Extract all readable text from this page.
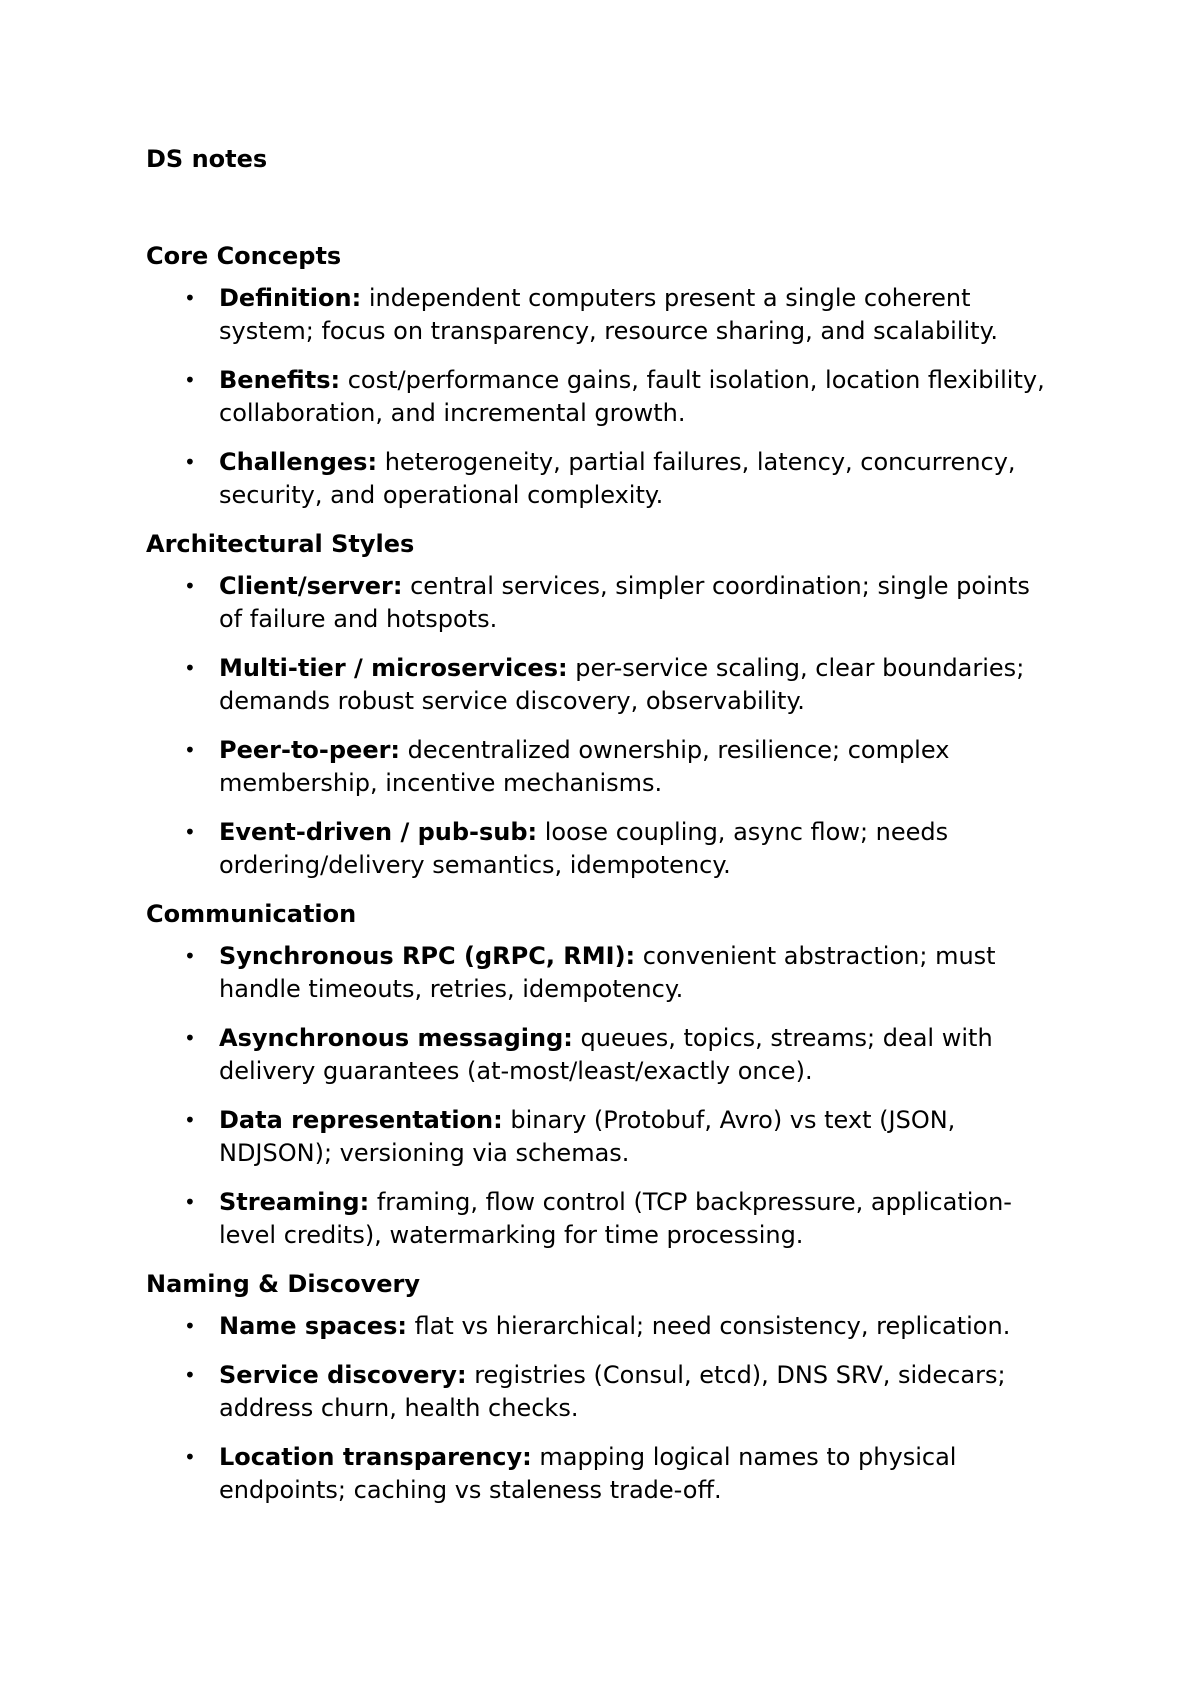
DS notes
Core Concepts
• Definition: independent computers present a single coherent system; focus on transparency, resource sharing, and scalability.
• Benefits: cost/performance gains, fault isolation, location flexibility, collaboration, and incremental growth.
• Challenges: heterogeneity, partial failures, latency, concurrency, security, and operational complexity.
Architectural Styles
• Client/server: central services, simpler coordination; single points of failure and hotspots.
• Multi-tier / microservices: per-service scaling, clear boundaries; demands robust service discovery, observability.
• Peer-to-peer: decentralized ownership, resilience; complex membership, incentive mechanisms.
• Event-driven / pub-sub: loose coupling, async flow; needs ordering/delivery semantics, idempotency.
Communication
• Synchronous RPC (gRPC, RMI): convenient abstraction; must handle timeouts, retries, idempotency.
• Asynchronous messaging: queues, topics, streams; deal with delivery guarantees (at-most/least/exactly once).
• Data representation: binary (Protobuf, Avro) vs text (JSON, NDJSON); versioning via schemas.
• Streaming: framing, flow control (TCP backpressure, application-level credits), watermarking for time processing.
Naming & Discovery
• Name spaces: flat vs hierarchical; need consistency, replication.
• Service discovery: registries (Consul, etcd), DNS SRV, sidecars; address churn, health checks.
• Location transparency: mapping logical names to physical endpoints; caching vs staleness trade-off.
